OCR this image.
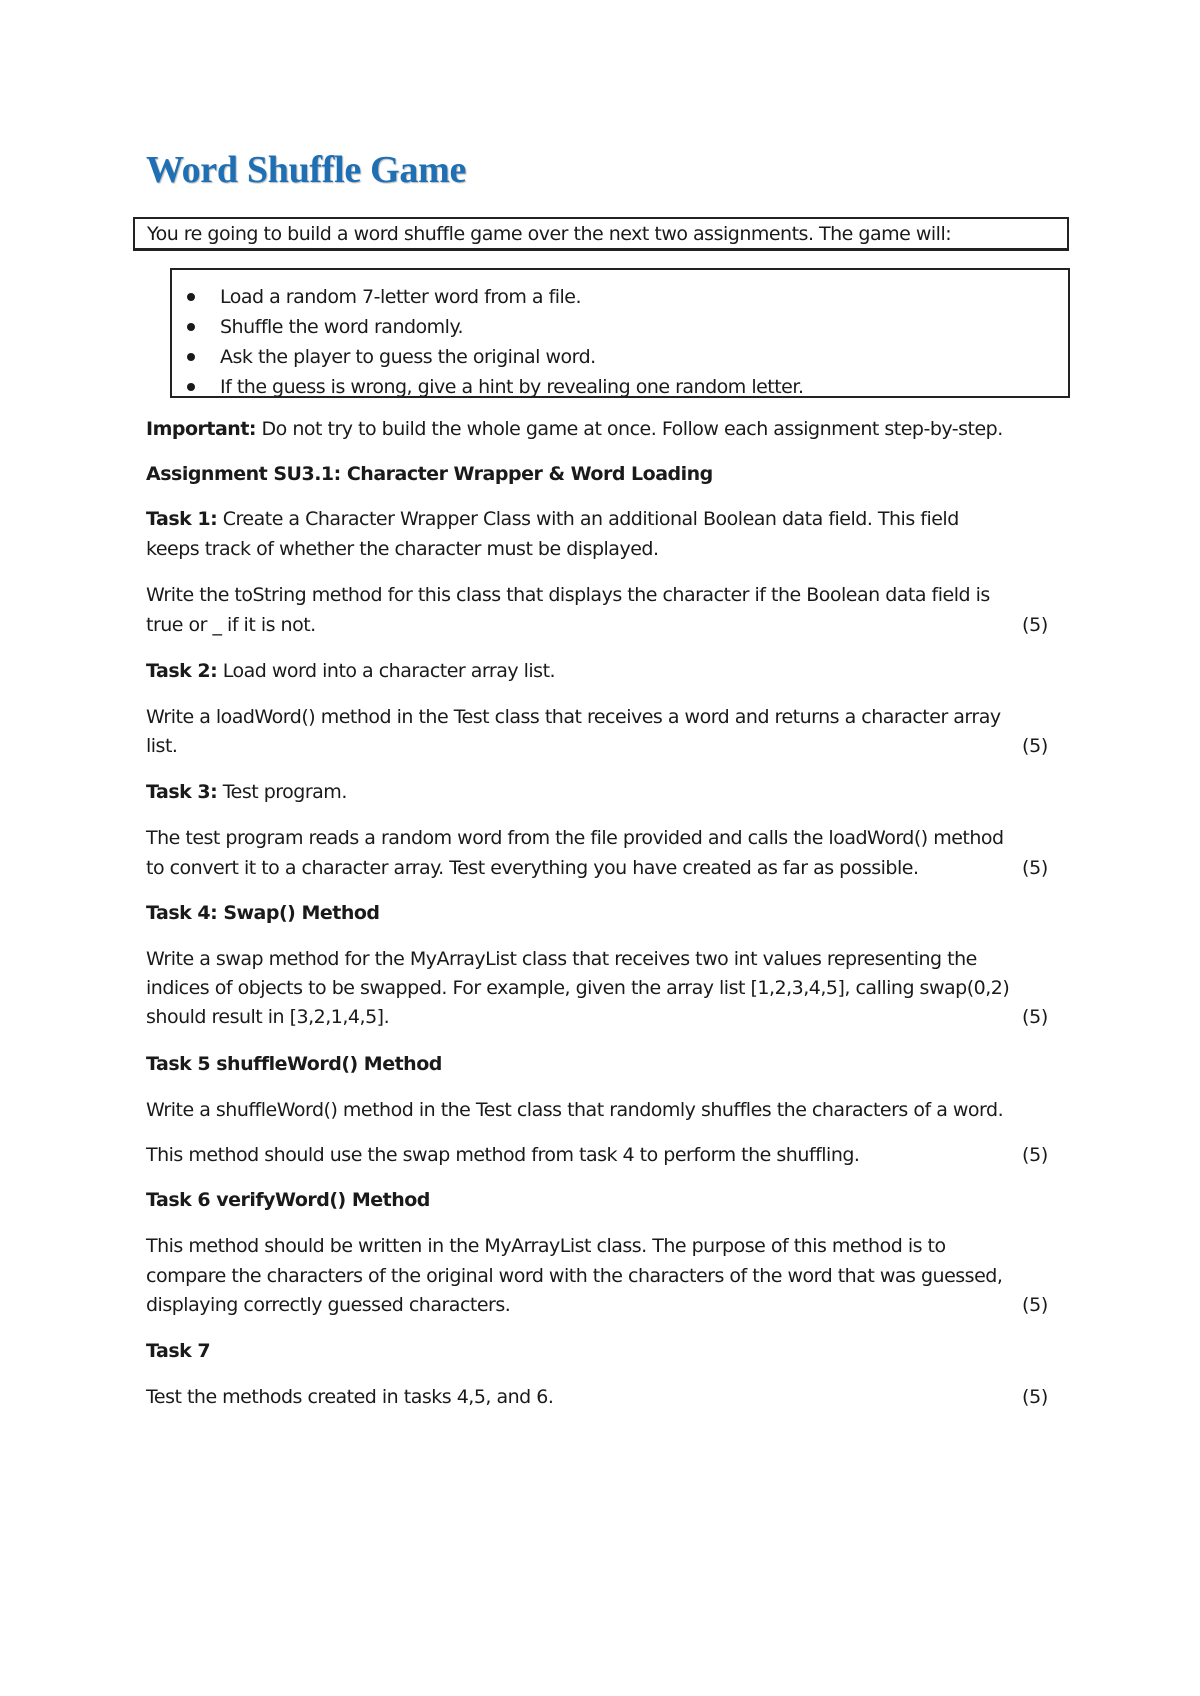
Word Shuffle Game
You re going to build a word shuffle game over the next two assignments. The game will:
Load a random 7-letter word from a file.
Shuffle the word randomly.
Ask the player to guess the original word.
If the guess is wrong, give a hint by revealing one random letter.
Important: Do not try to build the whole game at once. Follow each assignment step-by-step.
Assignment SU3.1: Character Wrapper & Word Loading
Task 1: Create a Character Wrapper Class with an additional Boolean data field. This field
keeps track of whether the character must be displayed.
Write the toString method for this class that displays the character if the Boolean data field is
true or _ if it is not.	(5)
Task 2: Load word into a character array list.
Write a loadWord() method in the Test class that receives a word and returns a character array
list.	(5)
Task 3: Test program.
The test program reads a random word from the file provided and calls the loadWord() method
to convert it to a character array. Test everything you have created as far as possible.	(5)
Task 4: Swap() Method
Write a swap method for the MyArrayList class that receives two int values representing the
indices of objects to be swapped. For example, given the array list [1,2,3,4,5], calling swap(0,2)
should result in [3,2,1,4,5].	(5)
Task 5 shuffleWord() Method
Write a shuffleWord() method in the Test class that randomly shuffles the characters of a word.
This method should use the swap method from task 4 to perform the shuffling.	(5)
Task 6 verifyWord() Method
This method should be written in the MyArrayList class. The purpose of this method is to
compare the characters of the original word with the characters of the word that was guessed,
displaying correctly guessed characters.	(5)
Task 7
Test the methods created in tasks 4,5, and 6.	(5)
